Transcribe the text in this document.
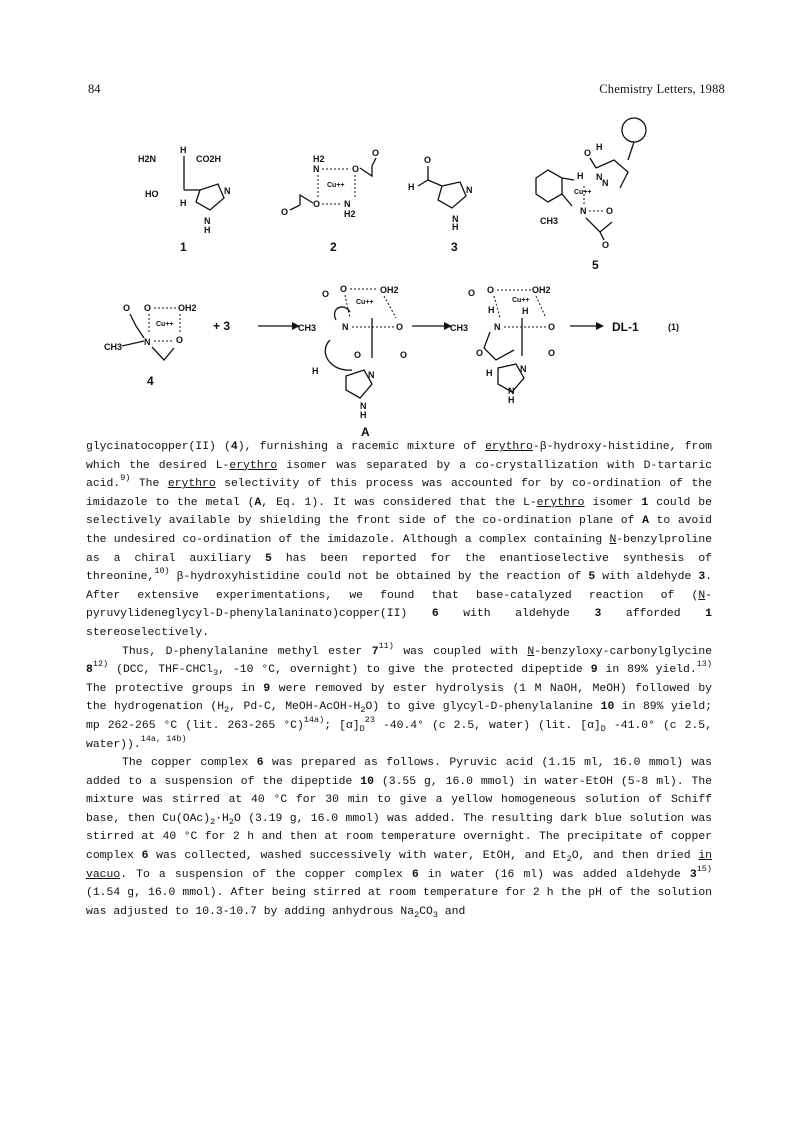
84	Chemistry Letters, 1988
H
H2N	CO2H
HO
H
N
N
H
1
H2
N	O
Cu++
O	N
H2
O
O
2
O
H	N
N
H
3
H
O
N
N
Cu++
H
CH3
N O
O
5
O O	OH2
Cu++
N	O
CH3
4
+ 3
O O	OH2
Cu++
CH3	N	O
O
H	N
N
H
O
A
O O	OH2
Cu++
H
CH3	N
H
O
O
H	N
N
H
O
DL-1	(1)

glycinatocopper(II) (4), furnishing a racemic mixture of erythro-β-hydroxy-histidine, from which the desired L-erythro isomer was separated by a co-crystallization with D-tartaric acid.$^{9)}$ The erythro selectivity of this process was accounted for by co-ordination of the imidazole to the metal (A, Eq. 1). It was considered that the L-erythro isomer 1 could be selectively available by shielding the front side of the co-ordination plane of A to avoid the undesired co-ordination of the imidazole. Although a complex containing N-benzylproline as a chiral auxiliary 5 has been reported for the enantioselective synthesis of threonine,$^{10)}$ β-hydroxyhistidine could not be obtained by the reaction of 5 with aldehyde 3. After extensive experimentations, we found that base-catalyzed reaction of (N-pyruvylideneglycyl-D-phenylalaninato)copper(II) 6 with aldehyde 3 afforded 1 stereoselectively.

Thus, D-phenylalanine methyl ester 7$^{11)}$ was coupled with N-benzyloxy-carbonylglycine 8$^{12)}$ (DCC, THF-CHCl$_3$, -10 °C, overnight) to give the protected dipeptide 9 in 89% yield.$^{13)}$ The protective groups in 9 were removed by ester hydrolysis (1 M NaOH, MeOH) followed by the hydrogenation ($H_2$, Pd-C, MeOH-$AcOH-H_2O$) to give glycyl-D-phenylalanine 10 in 89% yield; mp 262-265 °C (lit. 263-265 °C)$^{14a)}$; $[\alpha]_D^{23}$ -40.4° (c 2.5, water) (lit. $[\alpha]_D$ -41.0° (c 2.5, water)).$^{14a, 14b)}$

The copper complex 6 was prepared as follows. Pyruvic acid (1.15 ml, 16.0 mmol) was added to a suspension of the dipeptide 10 (3.55 g, 16.0 mmol) in water-EtOH (5-8 ml). The mixture was stirred at 40 °C for 30 min to give a yellow homogeneous solution of Schiff base, then $Cu(OAc)_2\cdot H_2O$ (3.19 g, 16.0 mmol) was added. The resulting dark blue solution was stirred at 40 °C for 2 h and then at room temperature overnight. The precipitate of copper complex 6 was collected, washed successively with water, EtOH, and $Et_2O$, and then dried in vacuo. To a suspension of the copper complex 6 in water (16 ml) was added aldehyde 3$^{15)}$ (1.54 g, 16.0 mmol). After being stirred at room temperature for 2 h the pH of the solution was adjusted to 10.3-10.7 by adding anhydrous $Na_2CO_3$ and
